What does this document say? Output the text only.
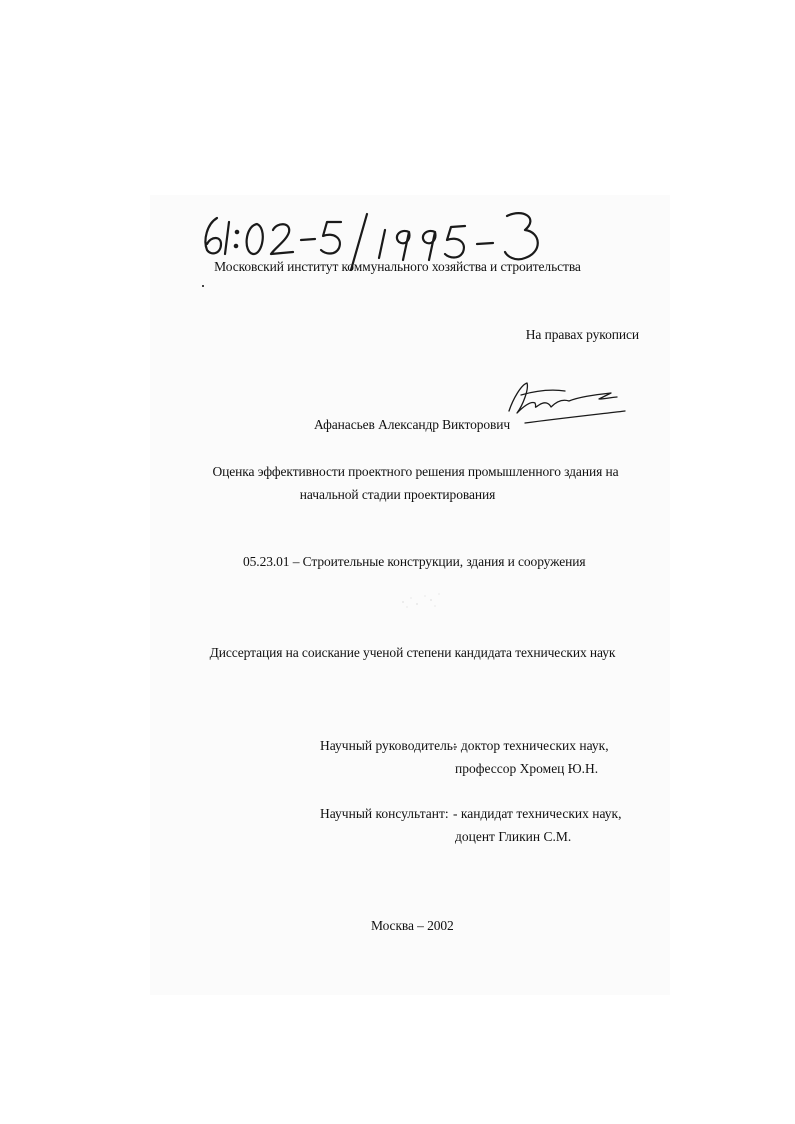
61:02-5/1995-3 Московский институт коммунального хозяйства и строительства
На правах рукописи
Афанасьев Александр Викторович
Оценка эффективности проектного решения промышленного здания на
начальной стадии проектирования
05.23.01 – Строительные конструкции, здания и сооружения
Диссертация на соискание ученой степени кандидата технических наук
Научный руководитель:
- доктор технических наук,
профессор Хромец Ю.Н.
Научный консультант: - кандидат технических наук,
доцент Гликин С.М.
Москва – 2002
